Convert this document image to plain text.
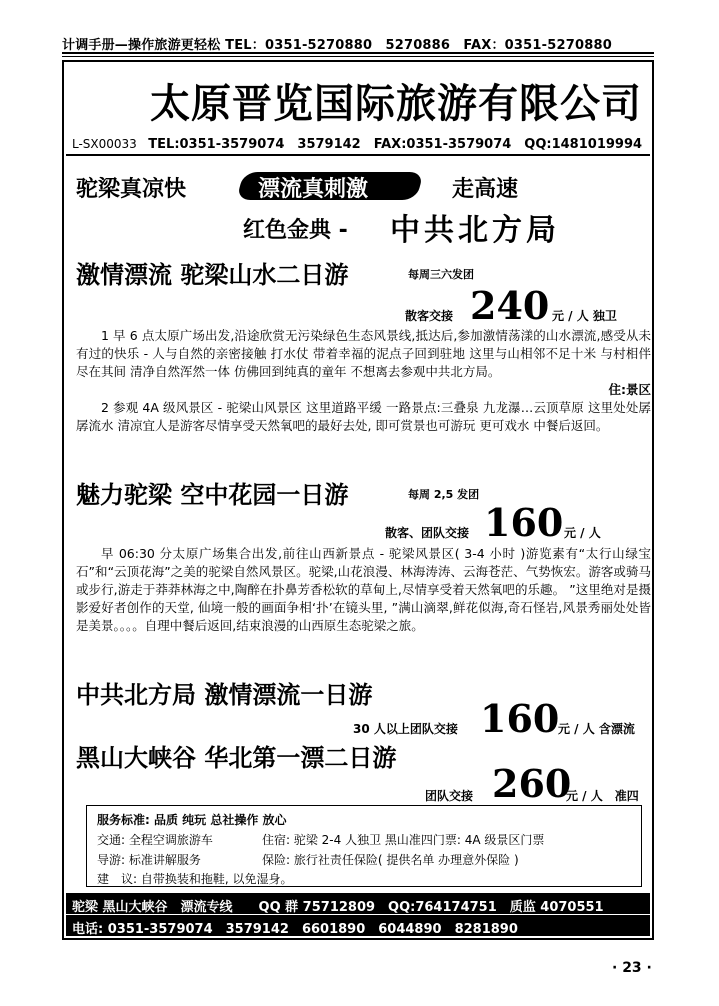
计调手册—操作旅游更轻松 TEL：0351-5270880　5270886　FAX：0351-5270880
太原晋览国际旅游有限公司
L-SX00033 TEL:0351-3579074　3579142　FAX:0351-3579074　QQ:1481019994
驼梁真凉快	漂流真刺激	走高速
红色金典 - 中共北方局
激情漂流 驼梁山水二日游	每周三六发团
散客交接 240 元 / 人 独卫

1 早 6 点太原广场出发,沿途欣赏无污染绿色生态风景线,抵达后,参加激情荡漾的山水漂流,感受从未有过的快乐 - 人与自然的亲密接触 打水仗 带着幸福的泥点子回到驻地 这里与山相邻不足十米 与村相伴尽在其间 清净自然浑然一体 仿佛回到纯真的童年 不想离去参观中共北方局。

住:景区

2 参观 4A 级风景区 - 驼梁山风景区 这里道路平缓 一路景点:三叠泉 九龙瀑…云顶草原 这里处处孱孱流水 清凉宜人是游客尽情享受天然氧吧的最好去处, 即可赏景也可游玩 更可戏水 中餐后返回。

魅力驼梁 空中花园一日游	每周 2,5 发团
散客、团队交接 160 元 / 人

早 06:30 分太原广场集合出发,前往山西新景点 - 驼梁风景区( 3-4 小时 )游览素有“太行山绿宝石”和“云顶花海”之美的驼梁自然风景区。驼梁,山花浪漫、林海涛涛、云海苍茫、气势恢宏。游客或骑马或步行,游走于莽莽林海之中,陶醉在扑鼻芳香松软的草甸上,尽情享受着天然氧吧的乐趣。 ”这里绝对是摄影爱好者创作的天堂, 仙境一般的画面争相‘扑’在镜头里, ”满山滴翠,鲜花似海,奇石怪岩,风景秀丽处处皆是美景。。。。自理中餐后返回,结束浪漫的山西原生态驼梁之旅。

中共北方局 激情漂流一日游
30 人以上团队交接 160
元 / 人 含漂流
黑山大峡谷 华北第一漂二日游
团队交接 260
元 / 人　准四
服务标准: 品质 纯玩 总社操作 放心
交通: 全程空调旅游车	住宿: 驼梁 2-4 人独卫 黑山准四门票: 4A 级景区门票
导游: 标准讲解服务	保险: 旅行社责任保险( 提供名单 办理意外保险 )
建　议: 自带换装和拖鞋, 以免湿身。
驼梁 黑山大峡谷　漂流专线　　QQ 群 75712809　QQ:764174751　质监 4070551
电话: 0351-3579074　3579142　6601890　6044890　8281890
· 23 ·
